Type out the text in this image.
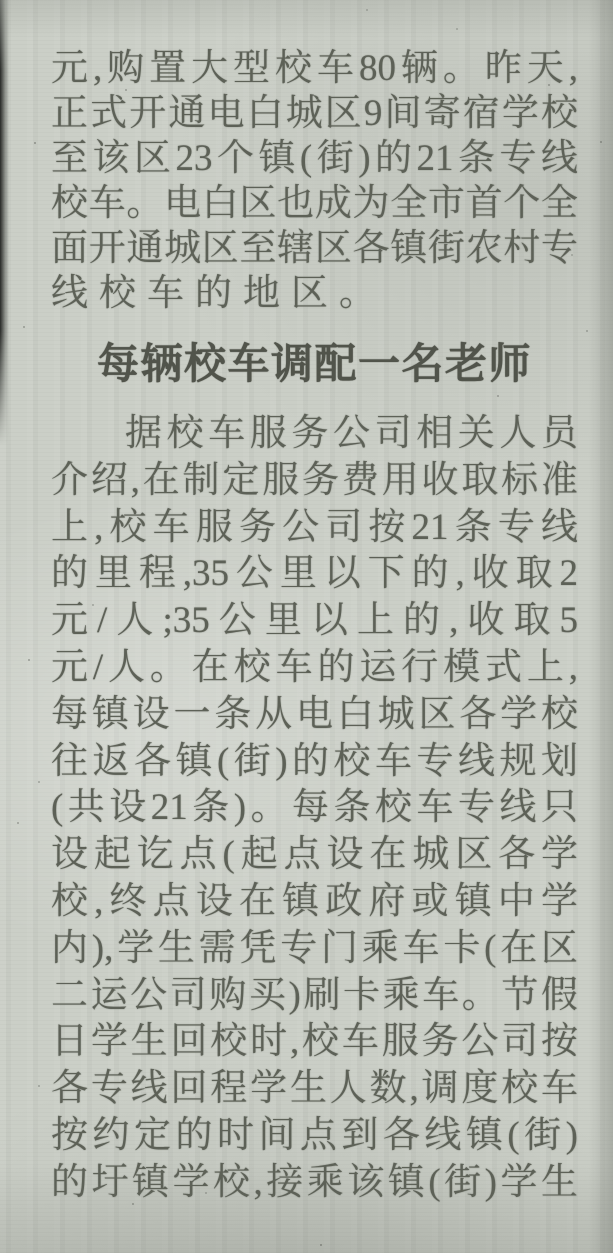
元,购置大型校车80辆。昨天,
正式开通电白城区9间寄宿学校
至该区23个镇(街)的21条专线
校车。电白区也成为全市首个全
面开通城区至辖区各镇街农村专
线校车的地区。
每辆校车调配一名老师
据校车服务公司相关人员
介绍,在制定服务费用收取标准
上,校车服务公司按21条专线
的里程,35公里以下的,收取2
元/人;35公里以上的,收取5
元/人。在校车的运行模式上,
每镇设一条从电白城区各学校
往返各镇(街)的校车专线规划
(共设21条)。每条校车专线只
设起讫点(起点设在城区各学
校,终点设在镇政府或镇中学
内),学生需凭专门乘车卡(在区
二运公司购买)刷卡乘车。节假
日学生回校时,校车服务公司按
各专线回程学生人数,调度校车
按约定的时间点到各线镇(街)
的圩镇学校,接乘该镇(街)学生
